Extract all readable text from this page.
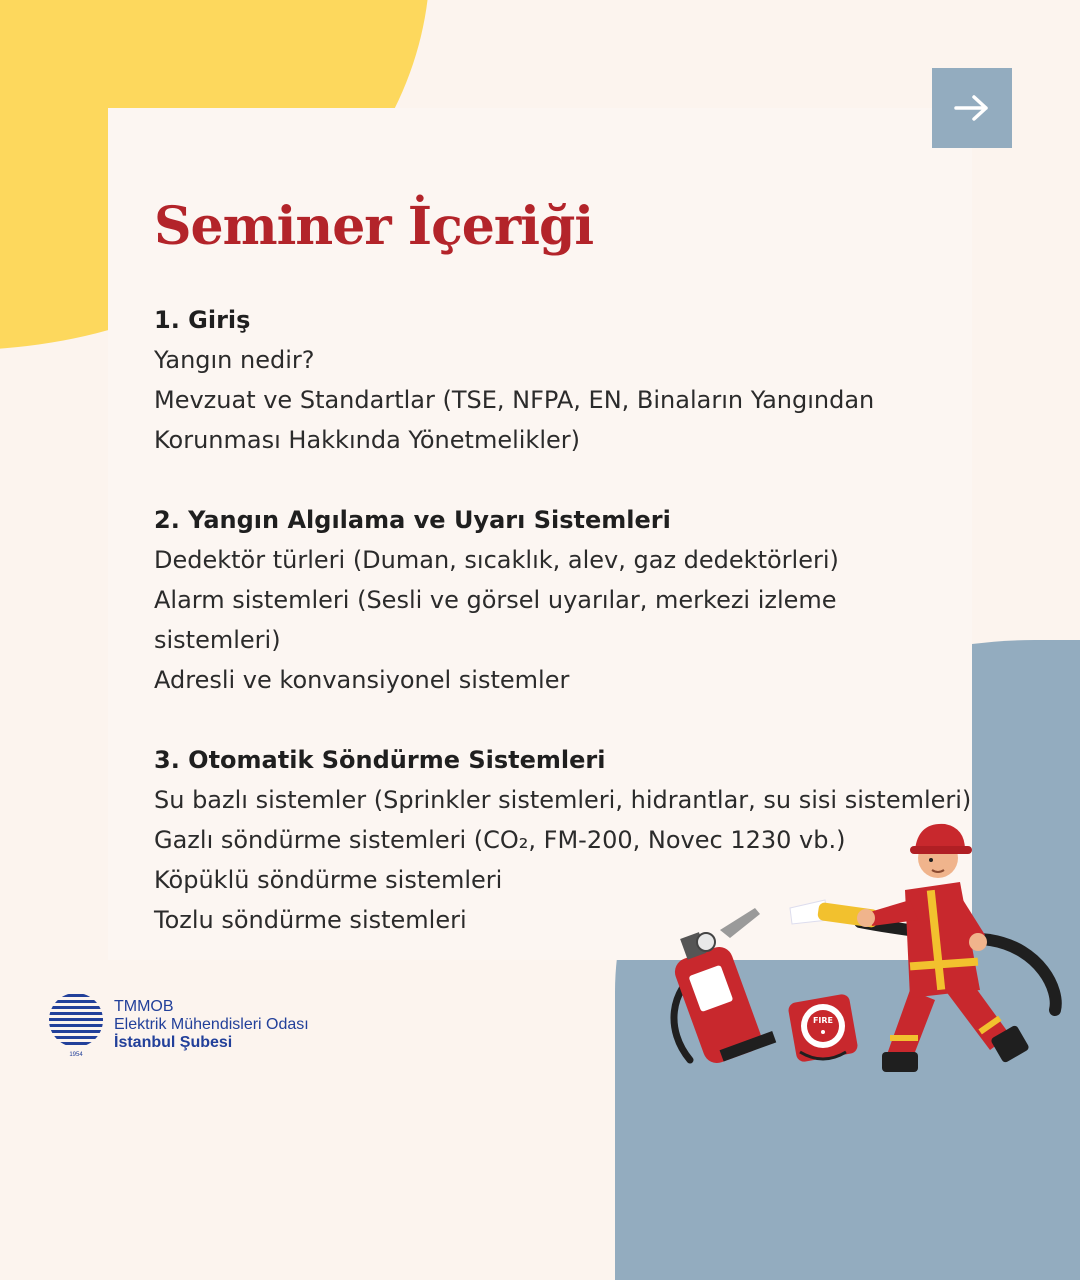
Seminer İçeriği
1. Giriş
Yangın nedir?
Mevzuat ve Standartlar (TSE, NFPA, EN, Binaların Yangından Korunması Hakkında Yönetmelikler)
2. Yangın Algılama ve Uyarı Sistemleri
Dedektör türleri (Duman, sıcaklık, alev, gaz dedektörleri)
Alarm sistemleri (Sesli ve görsel uyarılar, merkezi izleme sistemleri)
Adresli ve konvansiyonel sistemler
3. Otomatik Söndürme Sistemleri
Su bazlı sistemler (Sprinkler sistemleri, hidrantlar, su sisi sistemleri)
Gazlı söndürme sistemleri (CO₂, FM-200, Novec 1230 vb.)
Köpüklü söndürme sistemleri
Tozlu söndürme sistemleri
1954
TMMOB
Elektrik Mühendisleri Odası
İstanbul Şubesi
FIRE
